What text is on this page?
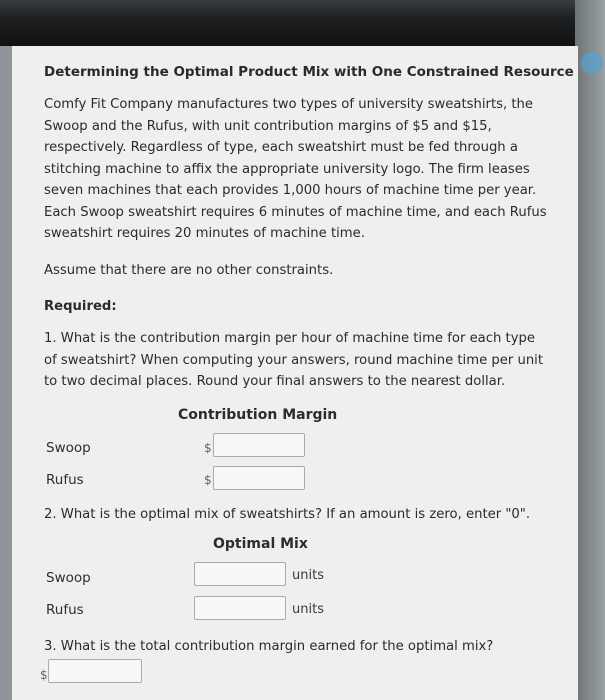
Determining the Optimal Product Mix with One Constrained Resource
Comfy Fit Company manufactures two types of university sweatshirts, the
Swoop and the Rufus, with unit contribution margins of $5 and $15,
respectively. Regardless of type, each sweatshirt must be fed through a
stitching machine to affix the appropriate university logo. The firm leases
seven machines that each provides 1,000 hours of machine time per year.
Each Swoop sweatshirt requires 6 minutes of machine time, and each Rufus
sweatshirt requires 20 minutes of machine time.
Assume that there are no other constraints.
Required:
1. What is the contribution margin per hour of machine time for each type
of sweatshirt? When computing your answers, round machine time per unit
to two decimal places. Round your final answers to the nearest dollar.
Contribution Margin
Swoop	$
Rufus	$
2. What is the optimal mix of sweatshirts? If an amount is zero, enter "0".
Optimal Mix
Swoop	units
Rufus	units
3. What is the total contribution margin earned for the optimal mix?
$
